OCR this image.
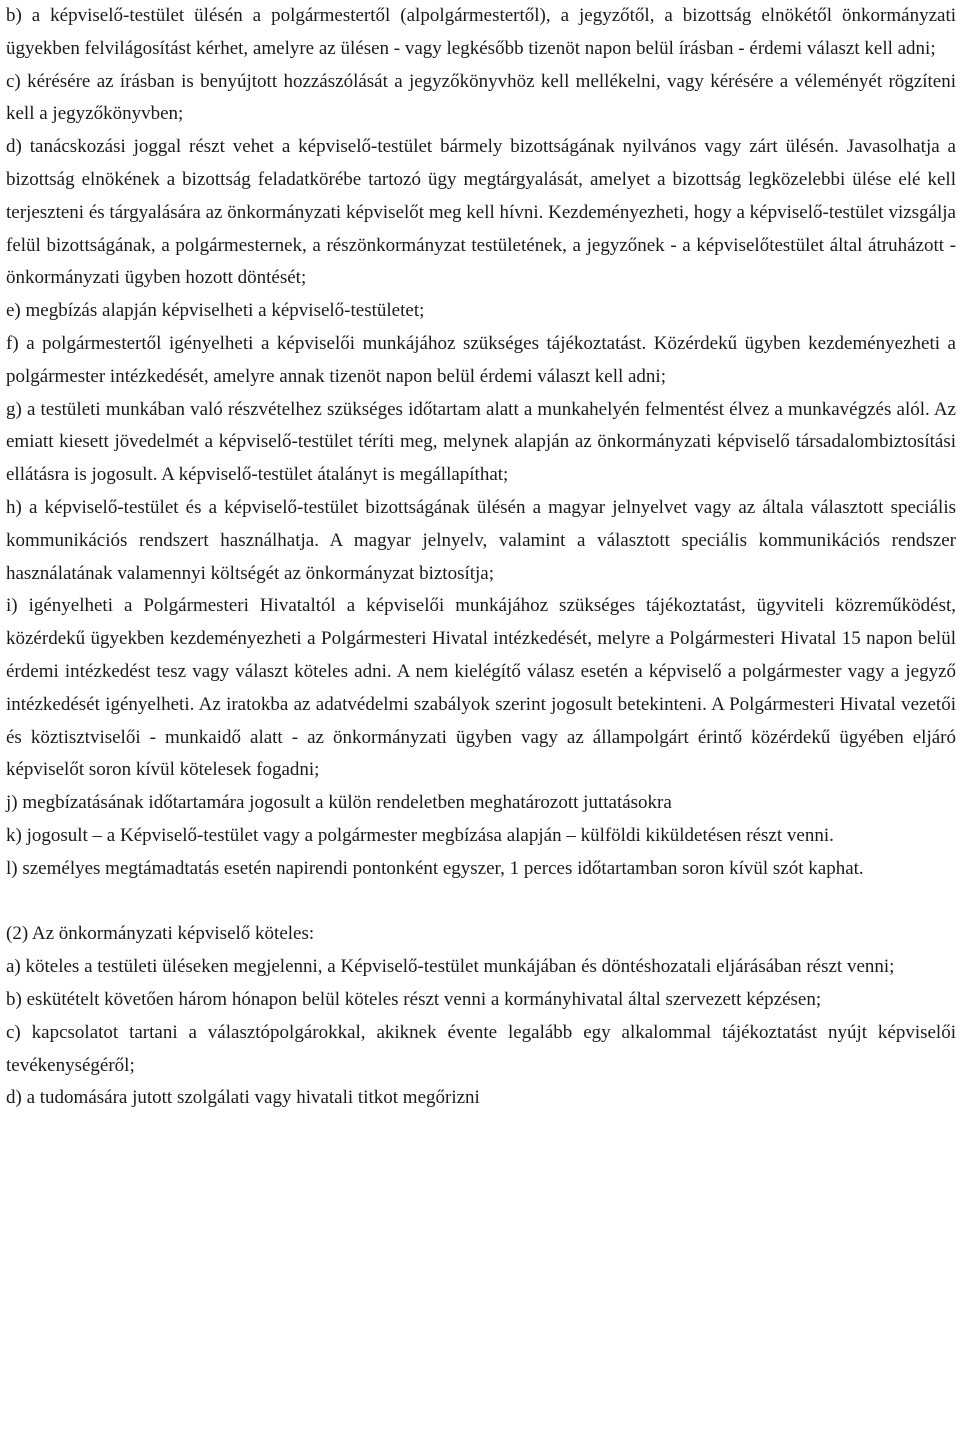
b) a képviselő-testület ülésén a polgármestertől (alpolgármestertől), a jegyzőtől, a bizottság elnökétől önkormányzati ügyekben felvilágosítást kérhet, amelyre az ülésen - vagy legkésőbb tizenöt napon belül írásban - érdemi választ kell adni;

c) kérésére az írásban is benyújtott hozzászólását a jegyzőkönyvhöz kell mellékelni, vagy kérésére a véleményét rögzíteni kell a jegyzőkönyvben;

d) tanácskozási joggal részt vehet a képviselő-testület bármely bizottságának nyilvános vagy zárt ülésén. Javasolhatja a bizottság elnökének a bizottság feladatkörébe tartozó ügy megtárgyalását, amelyet a bizottság legközelebbi ülése elé kell terjeszteni és tárgyalására az önkormányzati képviselőt meg kell hívni. Kezdeményezheti, hogy a képviselő-testület vizsgálja felül bizottságának, a polgármesternek, a részönkormányzat testületének, a jegyzőnek - a képviselőtestület által átruházott - önkormányzati ügyben hozott döntését;

e) megbízás alapján képviselheti a képviselő-testületet;

f) a polgármestertől igényelheti a képviselői munkájához szükséges tájékoztatást. Közérdekű ügyben kezdeményezheti a polgármester intézkedését, amelyre annak tizenöt napon belül érdemi választ kell adni;

g) a testületi munkában való részvételhez szükséges időtartam alatt a munkahelyén felmentést élvez a munkavégzés alól. Az emiatt kiesett jövedelmét a képviselő-testület téríti meg, melynek alapján az önkormányzati képviselő társadalombiztosítási ellátásra is jogosult. A képviselő-testület átalányt is megállapíthat;

h) a képviselő-testület és a képviselő-testület bizottságának ülésén a magyar jelnyelvet vagy az általa választott speciális kommunikációs rendszert használhatja. A magyar jelnyelv, valamint a választott speciális kommunikációs rendszer használatának valamennyi költségét az önkormányzat biztosítja;

i) igényelheti a Polgármesteri Hivataltól a képviselői munkájához szükséges tájékoztatást, ügyviteli közreműködést, közérdekű ügyekben kezdeményezheti a Polgármesteri Hivatal intézkedését, melyre a Polgármesteri Hivatal 15 napon belül érdemi intézkedést tesz vagy választ köteles adni. A nem kielégítő válasz esetén a képviselő a polgármester vagy a jegyző intézkedését igényelheti. Az iratokba az adatvédelmi szabályok szerint jogosult betekinteni. A Polgármesteri Hivatal vezetői és köztisztviselői - munkaidő alatt - az önkormányzati ügyben vagy az állampolgárt érintő közérdekű ügyében eljáró képviselőt soron kívül kötelesek fogadni;

j) megbízatásának időtartamára jogosult a külön rendeletben meghatározott juttatásokra

k) jogosult – a Képviselő-testület vagy a polgármester megbízása alapján – külföldi kiküldetésen részt venni.

l) személyes megtámadtatás esetén napirendi pontonként egyszer, 1 perces időtartamban soron kívül szót kaphat.

(2) Az önkormányzati képviselő köteles:

a) köteles a testületi üléseken megjelenni, a Képviselő-testület munkájában és döntéshozatali eljárásában részt venni;

b) eskütételt követően három hónapon belül köteles részt venni a kormányhivatal által szervezett képzésen;

c) kapcsolatot tartani a választópolgárokkal, akiknek évente legalább egy alkalommal tájékoztatást nyújt képviselői tevékenységéről;

d) a tudomására jutott szolgálati vagy hivatali titkot megőrizni
